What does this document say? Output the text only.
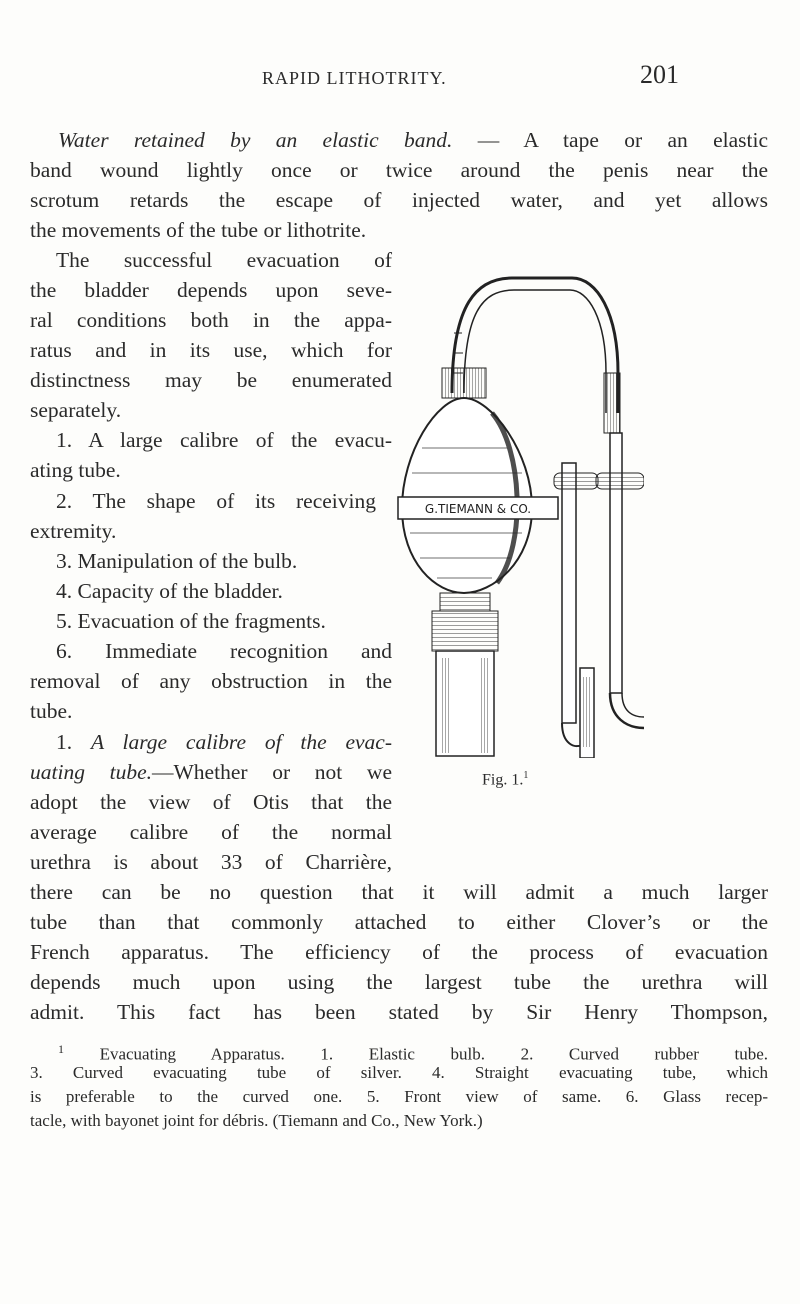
RAPID LITHOTRITY.	201
Water retained by an elastic band. — A tape or an elastic
band wound lightly once or twice around the penis near the
scrotum retards the escape of injected water, and yet allows
the movements of the tube or lithotrite.
The successful evacuation of
the bladder depends upon seve-
ral conditions both in the appa-
ratus and in its use, which for
distinctness may be enumerated
separately.
1. A large calibre of the evacu-
ating tube.
2. The shape of its receiving
extremity.
3. Manipulation of the bulb.
4. Capacity of the bladder.
5. Evacuation of the fragments.
6. Immediate recognition and
removal of any obstruction in the
tube.
1. A large calibre of the evac-
uating tube.—Whether or not we
adopt the view of Otis that the
average calibre of the normal
urethra is about 33 of Charrière,
there can be no question that it will admit a much larger
tube than that commonly attached to either Clover’s or the
French apparatus. The efficiency of the process of evacuation
depends much upon using the largest tube the urethra will
admit. This fact has been stated by Sir Henry Thompson,
G.TIEMANN & CO.
Fig. 1.$^1$
$^1$ Evacuating Apparatus. 1. Elastic bulb. 2. Curved rubber tube.
3. Curved evacuating tube of silver. 4. Straight evacuating tube, which
is preferable to the curved one. 5. Front view of same. 6. Glass recep-
tacle, with bayonet joint for débris. (Tiemann and Co., New York.)
